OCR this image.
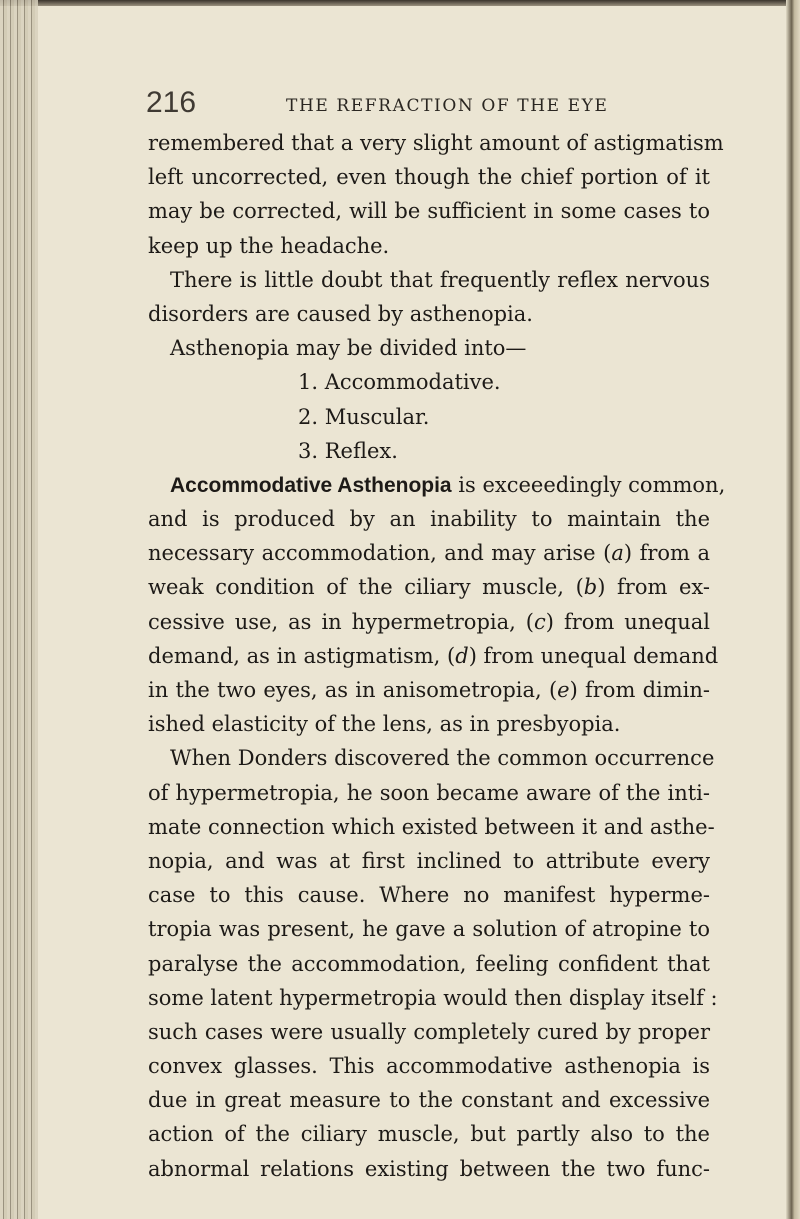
216	THE REFRACTION OF THE EYE
remembered that a very slight amount of astigmatism
left uncorrected, even though the chief portion of it
may be corrected, will be sufficient in some cases to
keep up the headache.
There is little doubt that frequently reflex nervous
disorders are caused by asthenopia.
Asthenopia may be divided into—
1. Accommodative.
2. Muscular.
3. Reflex.
Accommodative Asthenopia is exceeedingly common,
and is produced by an inability to maintain the
necessary accommodation, and may arise (a) from a
weak condition of the ciliary muscle, (b) from ex-
cessive use, as in hypermetropia, (c) from unequal
demand, as in astigmatism, (d) from unequal demand
in the two eyes, as in anisometropia, (e) from dimin-
ished elasticity of the lens, as in presbyopia.
When Donders discovered the common occurrence
of hypermetropia, he soon became aware of the inti-
mate connection which existed between it and asthe-
nopia, and was at first inclined to attribute every
case to this cause. Where no manifest hyperme-
tropia was present, he gave a solution of atropine to
paralyse the accommodation, feeling confident that
some latent hypermetropia would then display itself :
such cases were usually completely cured by proper
convex glasses. This accommodative asthenopia is
due in great measure to the constant and excessive
action of the ciliary muscle, but partly also to the
abnormal relations existing between the two func-
